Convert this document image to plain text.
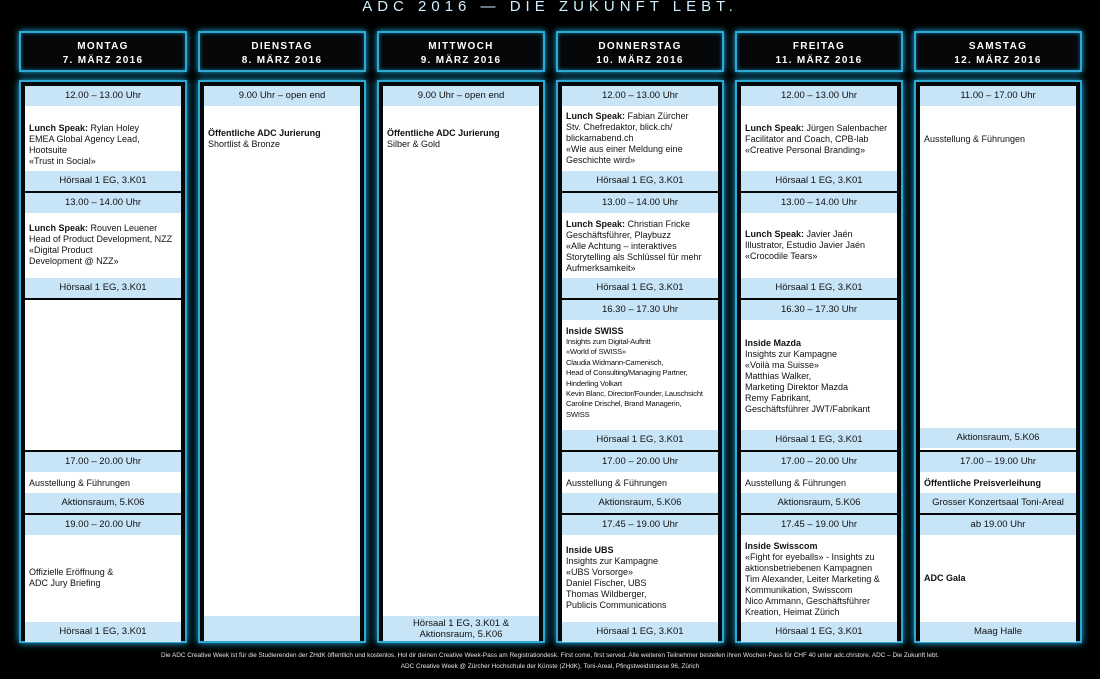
ADC 2016 — DIE ZUKUNFT LEBT.
MONTAG
7. MÄRZ 2016
DIENSTAG
8. MÄRZ 2016
MITTWOCH
9. MÄRZ 2016
DONNERSTAG
10. MÄRZ 2016
FREITAG
11. MÄRZ 2016
SAMSTAG
12. MÄRZ 2016
12.00 – 13.00 Uhr
Lunch Speak: Rylan Holey
EMEA Global Agency Lead, Hootsuite
«Trust in Social»
Hörsaal 1 EG, 3.K01
13.00 – 14.00 Uhr
Lunch Speak: Rouven Leuener
Head of Product Development, NZZ
«Digital Product
Development @ NZZ»
Hörsaal 1 EG, 3.K01
17.00 – 20.00 Uhr
Ausstellung & Führungen
Aktionsraum, 5.K06
19.00 – 20.00 Uhr
Offizielle Eröffnung &
ADC Jury Briefing
Hörsaal 1 EG, 3.K01
9.00 Uhr – open end
Öffentliche ADC Jurierung
Shortlist & Bronze
9.00 Uhr – open end
Öffentliche ADC Jurierung
Silber & Gold
Hörsaal 1 EG, 3.K01 &
Aktionsraum, 5.K06
12.00 – 13.00 Uhr
Lunch Speak: Fabian Zürcher
Stv. Chefredaktor, blick.ch/
blickamabend.ch
«Wie aus einer Meldung eine
Geschichte wird»
Hörsaal 1 EG, 3.K01
13.00 – 14.00 Uhr
Lunch Speak: Christian Fricke
Geschäftsführer, Playbuzz
«Alle Achtung – interaktives
Storytelling als Schlüssel für mehr
Aufmerksamkeit»
Hörsaal 1 EG, 3.K01
16.30 – 17.30 Uhr
Inside SWISS
Insights zum Digital-Auftritt
«World of SWISS»
Claudia Widmann-Camenisch,
Head of Consulting/Managing Partner,
Hinderling Volkart
Kevin Blanc, Director/Founder, Lauschsicht
Caroline Drischel, Brand Managerin,
SWISS
Hörsaal 1 EG, 3.K01
17.00 – 20.00 Uhr
Ausstellung & Führungen
Aktionsraum, 5.K06
17.45 – 19.00 Uhr
Inside UBS
Insights zur Kampagne
«UBS Vorsorge»
Daniel Fischer, UBS
Thomas Wildberger,
Publicis Communications
Hörsaal 1 EG, 3.K01
12.00 – 13.00 Uhr
Lunch Speak: Jürgen Salenbacher
Facilitator and Coach, CPB-lab
«Creative Personal Branding»
Hörsaal 1 EG, 3.K01
13.00 – 14.00 Uhr
Lunch Speak: Javier Jaén
Illustrator, Estudio Javier Jaén
«Crocodile Tears»
Hörsaal 1 EG, 3.K01
16.30 – 17.30 Uhr
Inside Mazda
Insights zur Kampagne
«Voilà ma Suisse»
Matthias Walker,
Marketing Direktor Mazda
Remy Fabrikant,
Geschäftsführer JWT/Fabrikant
Hörsaal 1 EG, 3.K01
17.00 – 20.00 Uhr
Ausstellung & Führungen
Aktionsraum, 5.K06
17.45 – 19.00 Uhr
Inside Swisscom
«Fight for eyeballs» - Insights zu
aktionsbetriebenen Kampagnen
Tim Alexander, Leiter Marketing &
Kommunikation, Swisscom
Nico Ammann, Geschäftsführer
Kreation, Heimat Zürich
Hörsaal 1 EG, 3.K01
11.00 – 17.00 Uhr
Ausstellung & Führungen
Aktionsraum, 5.K06
17.00 – 19.00 Uhr
Öffentliche Preisverleihung
Grosser Konzertsaal Toni-Areal
ab 19.00 Uhr
ADC Gala
Maag Halle
Die ADC Creative Week ist für die Studierenden der ZHdK öffentlich und kostenlos. Hol dir deinen Creative Week-Pass am Registrationdesk. First come, first served. Alle weiteren Teilnehmer bestellen ihren Wochen-Pass für CHF 40 unter adc.ch/store. ADC – Die Zukunft lebt.
ADC Creative Week @ Zürcher Hochschule der Künste (ZHdK), Toni-Areal, Pfingstweidstrasse 96, Zürich
